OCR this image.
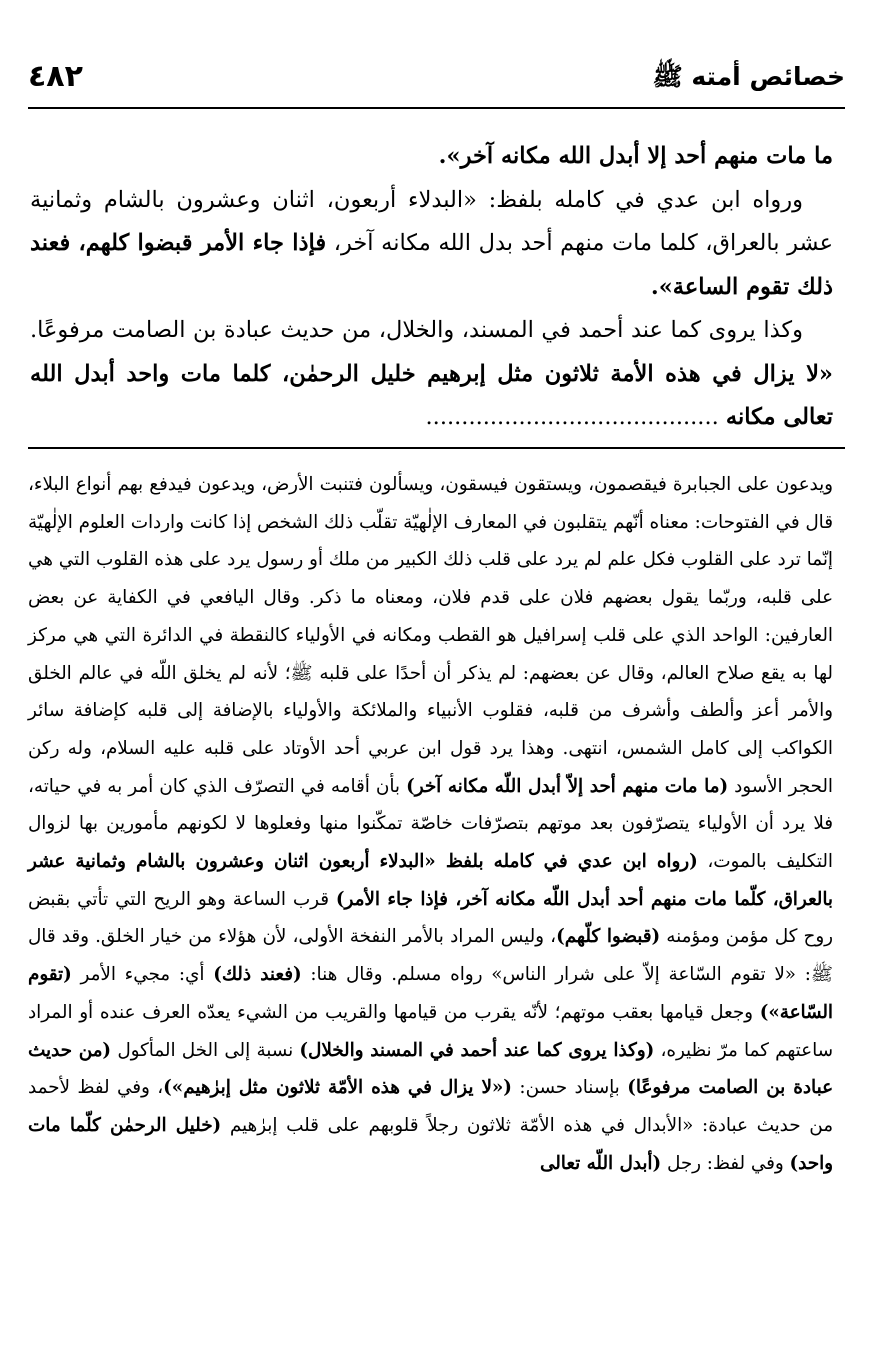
خصائص أمته ﷺ
٤٨٢

ما مات منهم أحد إلا أبدل الله مكانه آخر».

ورواه ابن عدي في كامله بلفظ: «البدلاء أربعون، اثنان وعشرون بالشام وثمانية عشر بالعراق، كلما مات منهم أحد بدل الله مكانه آخر، فإذا جاء الأمر قبضوا كلهم، فعند ذلك تقوم الساعة».

وكذا يروى كما عند أحمد في المسند، والخلال، من حديث عبادة بن الصامت مرفوعًا. «لا يزال في هذه الأمة ثلاثون مثل إبرهيم خليل الرحمٰن، كلما مات واحد أبدل الله تعالى مكانه .........................................

ويدعون على الجبابرة فيقصمون، ويستقون فيسقون، ويسألون فتنبت الأرض، ويدعون فيدفع بهم أنواع البلاء، قال في الفتوحات: معناه أنّهم يتقلبون في المعارف الإلٰهيّة تقلّب ذلك الشخص إذا كانت واردات العلوم الإلٰهيّة إنّما ترد على القلوب فكل علم لم يرد على قلب ذلك الكبير من ملك أو رسول يرد على هذه القلوب التي هي على قلبه، وربّما يقول بعضهم فلان على قدم فلان، ومعناه ما ذكر. وقال اليافعي في الكفاية عن بعض العارفين: الواحد الذي على قلب إسرافيل هو القطب ومكانه في الأولياء كالنقطة في الدائرة التي هي مركز لها به يقع صلاح العالم، وقال عن بعضهم: لم يذكر أن أحدًا على قلبه ﷺ؛ لأنه لم يخلق اللّه في عالم الخلق والأمر أعز وألطف وأشرف من قلبه، فقلوب الأنبياء والملائكة والأولياء بالإضافة إلى قلبه كإضافة سائر الكواكب إلى كامل الشمس، انتهى. وهذا يرد قول ابن عربي أحد الأوتاد على قلبه عليه السلام، وله ركن الحجر الأسود (ما مات منهم أحد إلاّ أبدل اللّه مكانه آخر) بأن أقامه في التصرّف الذي كان أمر به في حياته، فلا يرد أن الأولياء يتصرّفون بعد موتهم بتصرّفات خاصّة تمكّنوا منها وفعلوها لا لكونهم مأمورين بها لزوال التكليف بالموت، (رواه ابن عدي في كامله بلفظ «البدلاء أربعون اثنان وعشرون بالشام وثمانية عشر بالعراق، كلّما مات منهم أحد أبدل اللّه مكانه آخر، فإذا جاء الأمر) قرب الساعة وهو الريح التي تأتي بقبض روح كل مؤمن ومؤمنه (قبضوا كلّهم)، وليس المراد بالأمر النفخة الأولى، لأن هؤلاء من خيار الخلق. وقد قال ﷺ: «لا تقوم السّاعة إلاّ على شرار الناس» رواه مسلم. وقال هنا: (فعند ذلك) أي: مجيء الأمر (تقوم السّاعة») وجعل قيامها بعقب موتهم؛ لأنّه يقرب من قيامها والقريب من الشيء يعدّه العرف عنده أو المراد ساعتهم كما مرّ نظيره، (وكذا يروى كما عند أحمد في المسند والخلال) نسبة إلى الخل المأكول (من حديث عبادة بن الصامت مرفوعًا) بإسناد حسن: («لا يزال في هذه الأمّة ثلاثون مثل إبرٰهيم»)، وفي لفظ لأحمد من حديث عبادة: «الأبدال في هذه الأمّة ثلاثون رجلاً قلوبهم على قلب إبرٰهيم (خليل الرحمٰن كلّما مات واحد) وفي لفظ: رجل (أبدل اللّه تعالى
